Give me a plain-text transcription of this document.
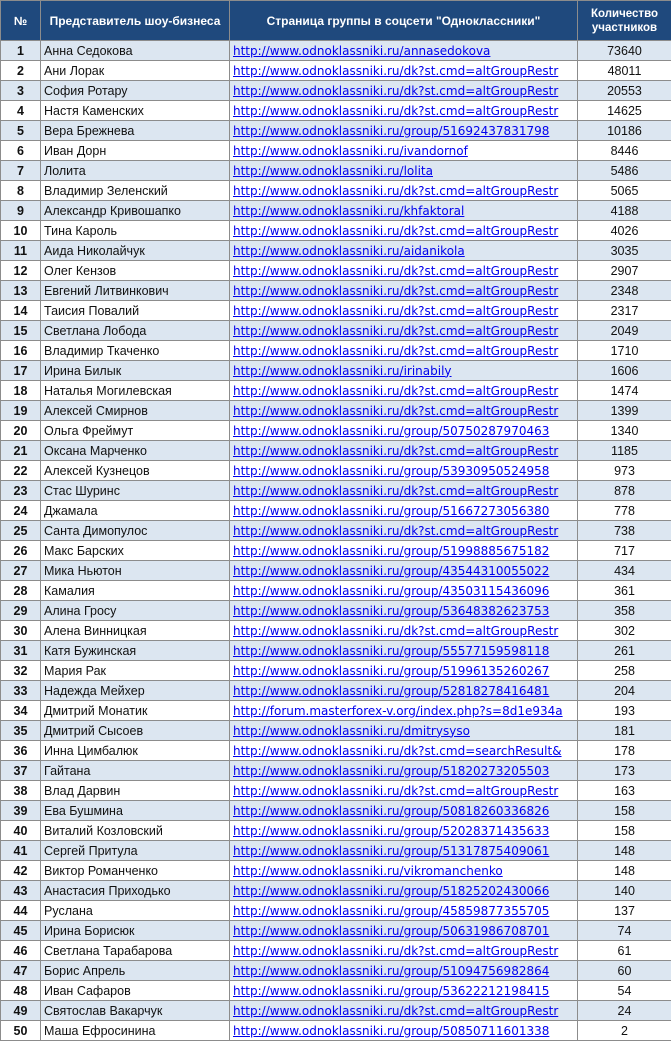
№	Представитель шоу-бизнеса	Страница группы в соцсети "Одноклассники"	Количество
участников
1	Анна Седокова	http://www.odnoklassniki.ru/annasedokova	73640
2	Ани Лорак	http://www.odnoklassniki.ru/dk?st.cmd=altGroupRestr	48011
3	София Ротару	http://www.odnoklassniki.ru/dk?st.cmd=altGroupRestr	20553
4	Настя Каменских	http://www.odnoklassniki.ru/dk?st.cmd=altGroupRestr	14625
5	Вера Брежнева	http://www.odnoklassniki.ru/group/51692437831798	10186
6	Иван Дорн	http://www.odnoklassniki.ru/ivandornof	8446
7	Лолита	http://www.odnoklassniki.ru/lolita	5486
8	Владимир Зеленский	http://www.odnoklassniki.ru/dk?st.cmd=altGroupRestr	5065
9	Александр Кривошапко	http://www.odnoklassniki.ru/khfaktoral	4188
10	Тина Кароль	http://www.odnoklassniki.ru/dk?st.cmd=altGroupRestr	4026
11	Аида Николайчук	http://www.odnoklassniki.ru/aidanikola	3035
12	Олег Кензов	http://www.odnoklassniki.ru/dk?st.cmd=altGroupRestr	2907
13	Евгений Литвинкович	http://www.odnoklassniki.ru/dk?st.cmd=altGroupRestr	2348
14	Таисия Повалий	http://www.odnoklassniki.ru/dk?st.cmd=altGroupRestr	2317
15	Светлана Лобода	http://www.odnoklassniki.ru/dk?st.cmd=altGroupRestr	2049
16	Владимир Ткаченко	http://www.odnoklassniki.ru/dk?st.cmd=altGroupRestr	1710
17	Ирина Билык	http://www.odnoklassniki.ru/irinabily	1606
18	Наталья Могилевская	http://www.odnoklassniki.ru/dk?st.cmd=altGroupRestr	1474
19	Алексей Смирнов	http://www.odnoklassniki.ru/dk?st.cmd=altGroupRestr	1399
20	Ольга Фреймут	http://www.odnoklassniki.ru/group/50750287970463	1340
21	Оксана Марченко	http://www.odnoklassniki.ru/dk?st.cmd=altGroupRestr	1185
22	Алексей Кузнецов	http://www.odnoklassniki.ru/group/53930950524958	973
23	Стас Шуринс	http://www.odnoklassniki.ru/dk?st.cmd=altGroupRestr	878
24	Джамала	http://www.odnoklassniki.ru/group/51667273056380	778
25	Санта Димопулос	http://www.odnoklassniki.ru/dk?st.cmd=altGroupRestr	738
26	Макс Барских	http://www.odnoklassniki.ru/group/51998885675182	717
27	Мика Ньютон	http://www.odnoklassniki.ru/group/43544310055022	434
28	Камалия	http://www.odnoklassniki.ru/group/43503115436096	361
29	Алина Гросу	http://www.odnoklassniki.ru/group/53648382623753	358
30	Алена Винницкая	http://www.odnoklassniki.ru/dk?st.cmd=altGroupRestr	302
31	Катя Бужинская	http://www.odnoklassniki.ru/group/55577159598118	261
32	Мария Рак	http://www.odnoklassniki.ru/group/51996135260267	258
33	Надежда Мейхер	http://www.odnoklassniki.ru/group/52818278416481	204
34	Дмитрий Монатик	http://forum.masterforex-v.org/index.php?s=8d1e934a	193
35	Дмитрий Сысоев	http://www.odnoklassniki.ru/dmitrysyso	181
36	Инна Цимбалюк	http://www.odnoklassniki.ru/dk?st.cmd=searchResult&	178
37	Гайтана	http://www.odnoklassniki.ru/group/51820273205503	173
38	Влад Дарвин	http://www.odnoklassniki.ru/dk?st.cmd=altGroupRestr	163
39	Ева Бушмина	http://www.odnoklassniki.ru/group/50818260336826	158
40	Виталий Козловский	http://www.odnoklassniki.ru/group/52028371435633	158
41	Сергей Притула	http://www.odnoklassniki.ru/group/51317875409061	148
42	Виктор Романченко	http://www.odnoklassniki.ru/vikromanchenko	148
43	Анастасия Приходько	http://www.odnoklassniki.ru/group/51825202430066	140
44	Руслана	http://www.odnoklassniki.ru/group/45859877355705	137
45	Ирина Борисюк	http://www.odnoklassniki.ru/group/50631986708701	74
46	Светлана Тарабарова	http://www.odnoklassniki.ru/dk?st.cmd=altGroupRestr	61
47	Борис Апрель	http://www.odnoklassniki.ru/group/51094756982864	60
48	Иван Сафаров	http://www.odnoklassniki.ru/group/53622212198415	54
49	Святослав Вакарчук	http://www.odnoklassniki.ru/dk?st.cmd=altGroupRestr	24
50	Маша Ефросинина	http://www.odnoklassniki.ru/group/50850711601338	2
